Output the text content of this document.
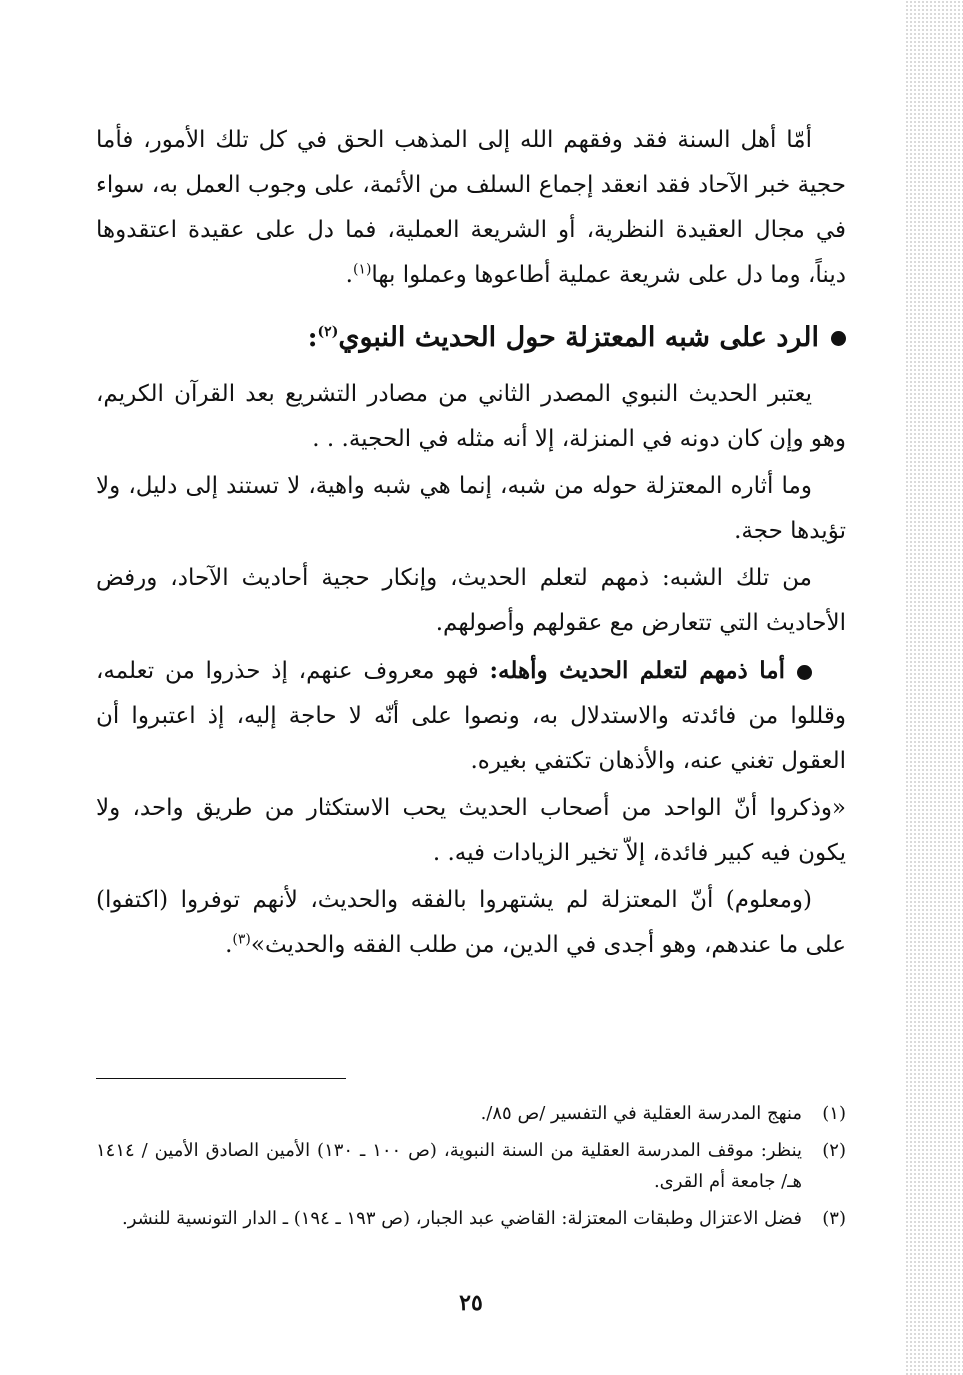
أمّا أهل السنة فقد وفقهم الله إلى المذهب الحق في كل تلك الأمور، فأما حجية خبر الآحاد فقد انعقد إجماع السلف من الأئمة، على وجوب العمل به، سواء في مجال العقيدة النظرية، أو الشريعة العملية، فما دل على عقيدة اعتقدوها ديناً، وما دل على شريعة عملية أطاعوها وعملوا بها$^{(١)}$.

الرد على شبه المعتزلة حول الحديث النبوي$^{(٢)}$:

يعتبر الحديث النبوي المصدر الثاني من مصادر التشريع بعد القرآن الكريم، وهو وإن كان دونه في المنزلة، إلا أنه مثله في الحجية. . .

وما أثاره المعتزلة حوله من شبه، إنما هي شبه واهية، لا تستند إلى دليل، ولا تؤيدها حجة.

من تلك الشبه: ذمهم لتعلم الحديث، وإنكار حجية أحاديث الآحاد، ورفض الأحاديث التي تتعارض مع عقولهم وأصولهم.

أما ذمهم لتعلم الحديث وأهله: فهو معروف عنهم، إذ حذروا من تعلمه، وقللوا من فائدته والاستدلال به، ونصوا على أنّه لا حاجة إليه، إذ اعتبروا أن العقول تغني عنه، والأذهان تكتفي بغيره.

«وذكروا أنّ الواحد من أصحاب الحديث يحب الاستكثار من طريق واحد، ولا يكون فيه كبير فائدة، إلاّ تخير الزيادات فيه. .

(ومعلوم) أنّ المعتزلة لم يشتهروا بالفقه والحديث، لأنهم توفروا (اكتفوا) على ما عندهم، وهو أجدى في الدين، من طلب الفقه والحديث»$^{(٣)}$.

(١)
منهج المدرسة العقلية في التفسير /ص ٨٥/.
(٢)
ينظر: موقف المدرسة العقلية من السنة النبوية، (ص ١٠٠ ـ ١٣٠) الأمين الصادق الأمين / ١٤١٤ هـ/ جامعة أم القرى.
(٣)
فضل الاعتزال وطبقات المعتزلة: القاضي عبد الجبار، (ص ١٩٣ ـ ١٩٤) ـ الدار التونسية للنشر.
٢٥
